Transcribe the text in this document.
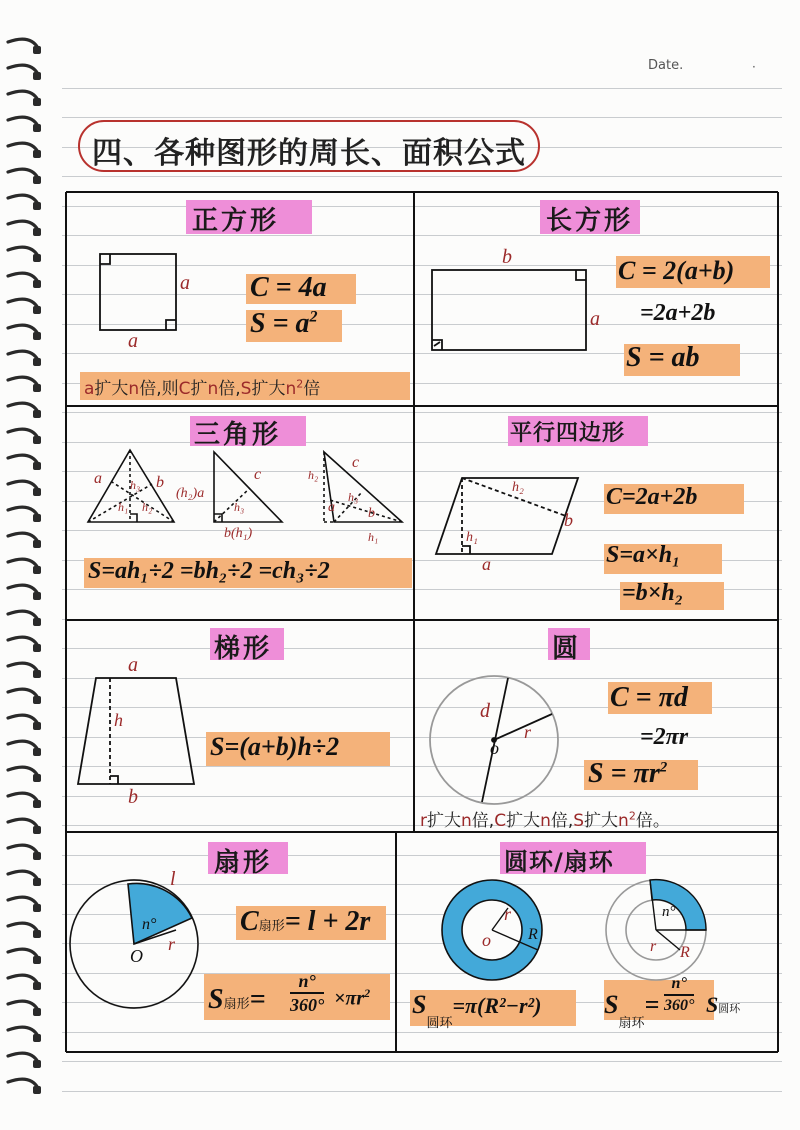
Date.	·
四、各种图形的周长、面积公式
正方形
a
a
C = 4a
$S = a^2$
a扩大n倍,则C扩n倍,S扩大$n^2$倍
长方形
b
a
C = 2(a+b)
=2a+2b
S = ab
三角形
a	b
h₃
h₁ h₂
(h₂)a
c
h₃
b(h₁)
h₂
c
a
h₃
h₁
b
S=ah₁÷2 =bh₂÷2 =ch₃÷2
平行四边形
h₂
h₁
a
b
C=2a+2b
S=a×h₁
=b×h₂
梯形
a
h
b
S=(a+b)h÷2
圆
d
r
o
C = πd
=2πr
$S = \pi r^2$
r扩大n倍,C扩大n倍,S扩大$n^2$倍。
扇形
l
n°
O
r
C扇形= l + 2r
S扇形= $\frac{n^\circ}{360^\circ} \times\pi r^2$
圆环/扇环
r
o R
n°
r R
$S_{圆环}=\pi(R^2-r^2)$ $S_{扇环}= \frac{n^\circ}{360^\circ}$ S圆环
